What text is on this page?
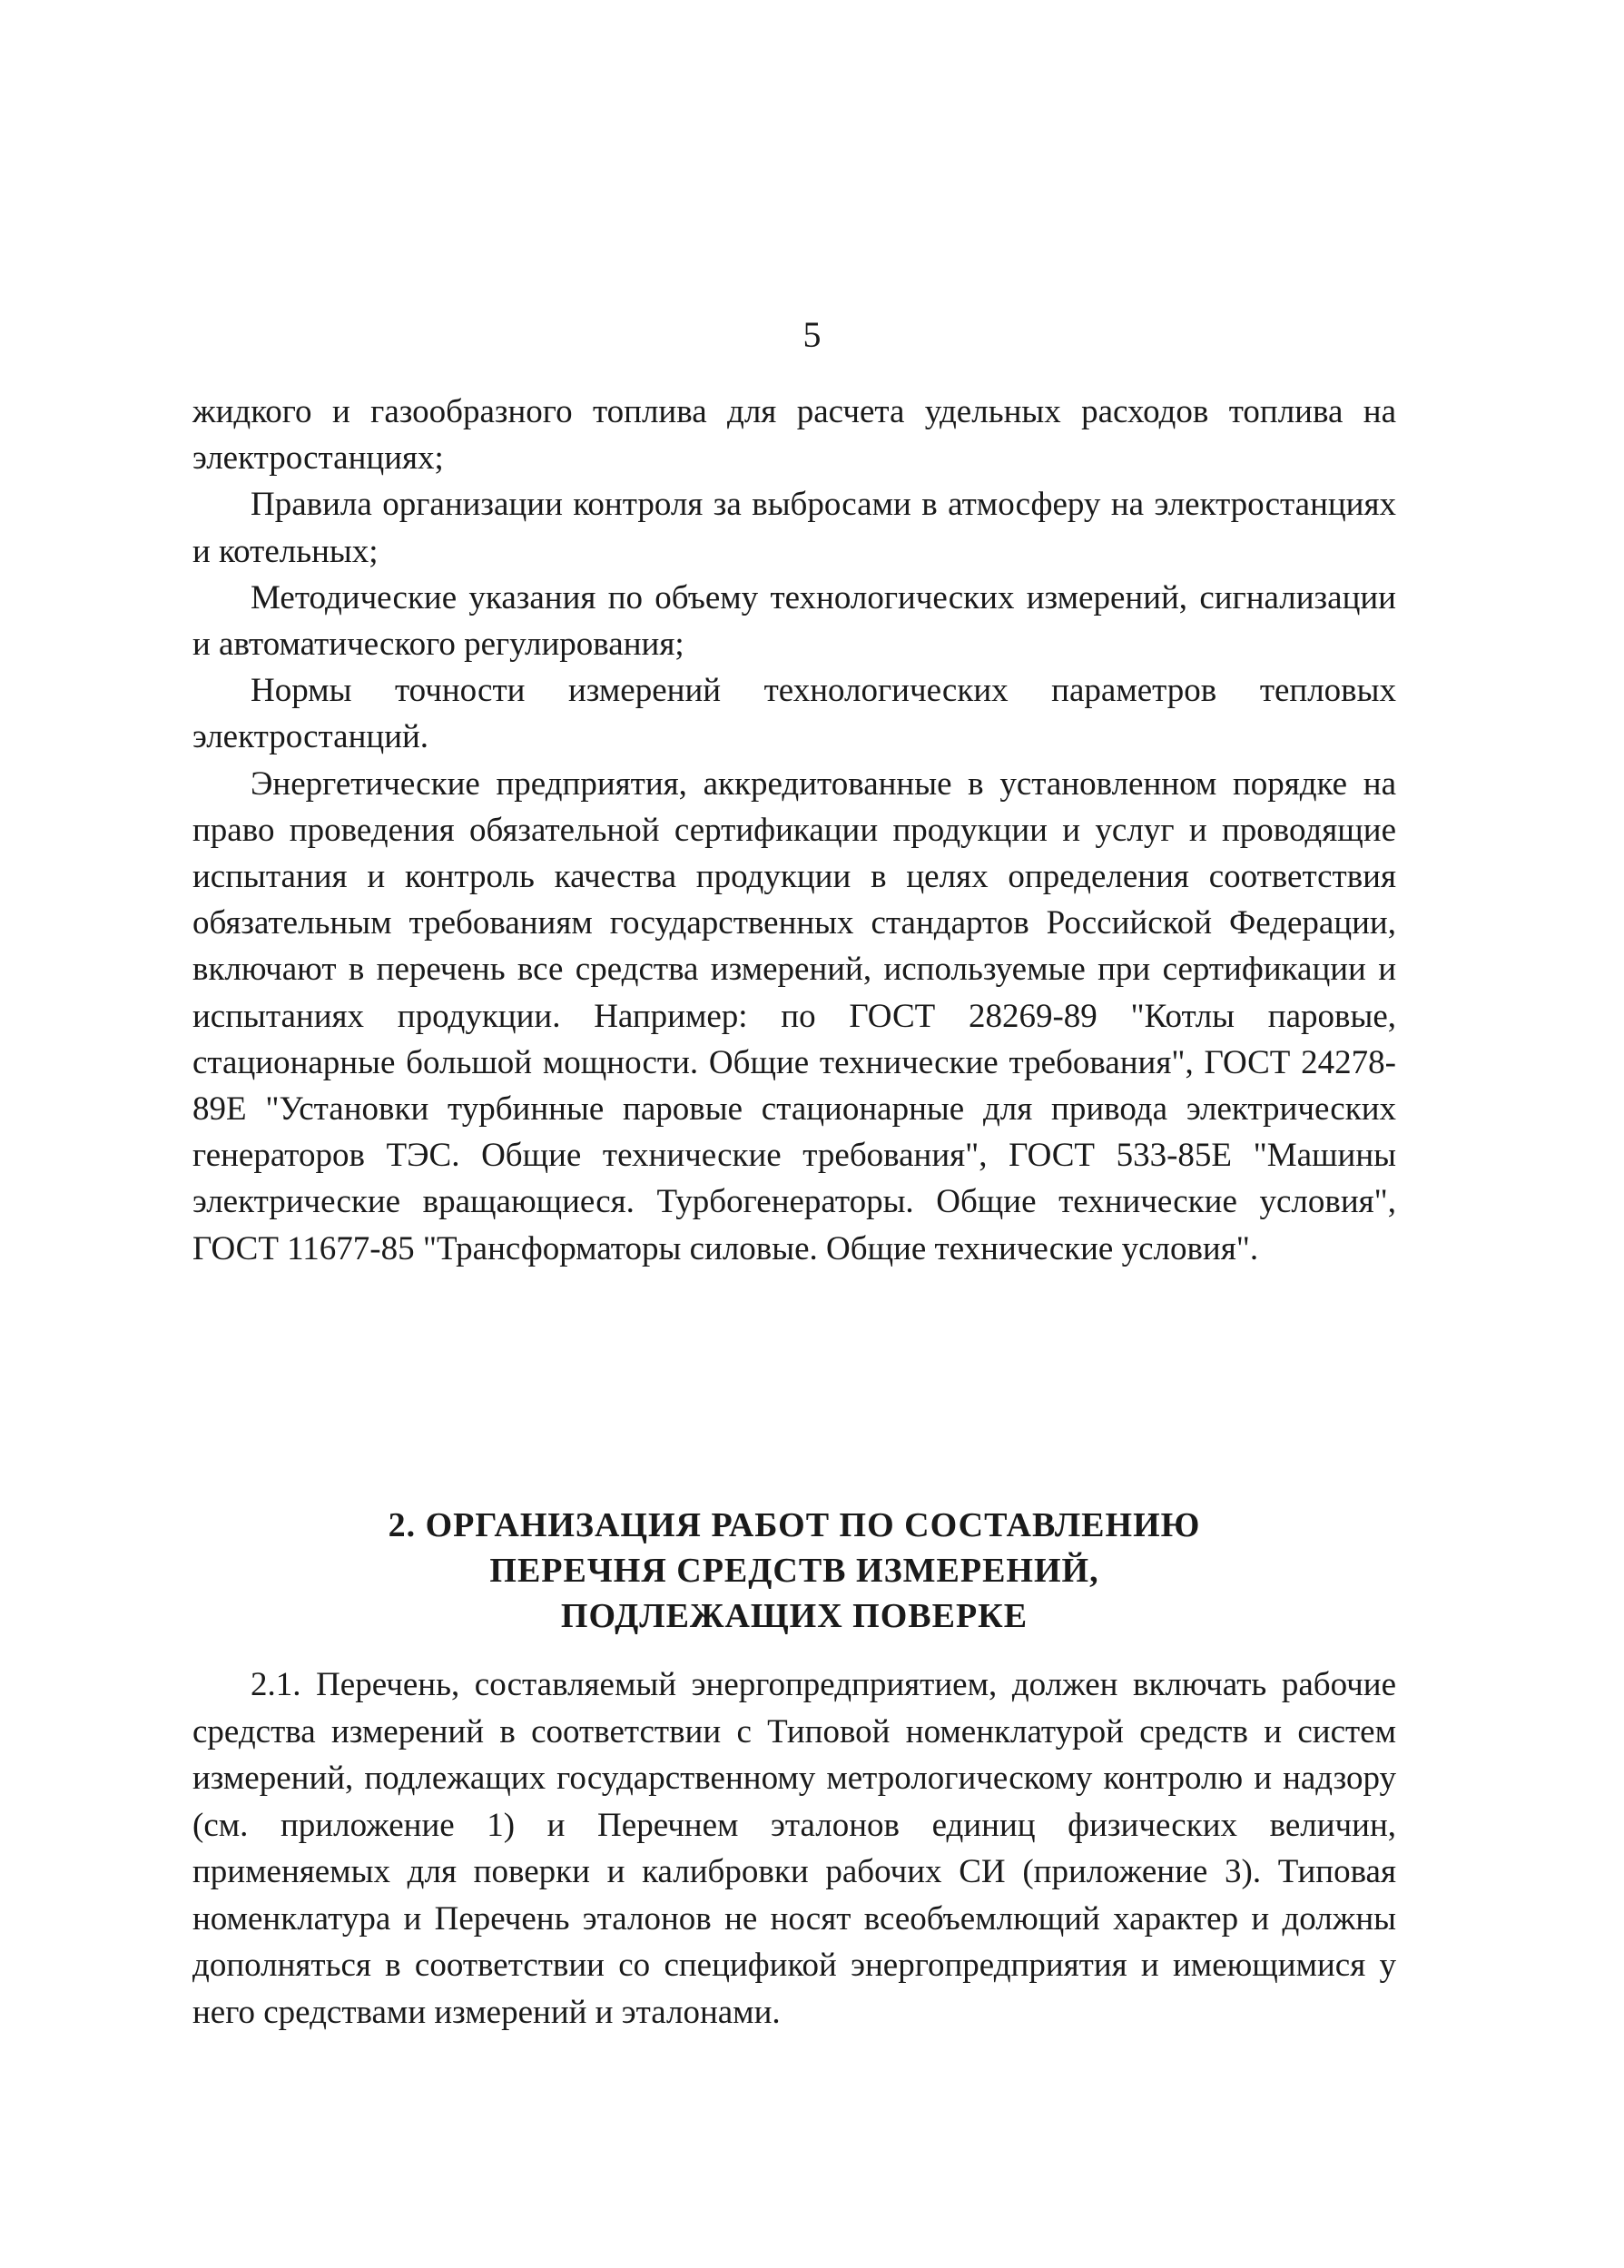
5

жидкого и газообразного топлива для расчета удельных расходов топлива на электростанциях;

Правила организации контроля за выбросами в атмосферу на электростанциях и котельных;

Методические указания по объему технологических измерений, сигнализации и автоматического регулирования;

Нормы точности измерений технологических параметров тепловых электростанций.

Энергетические предприятия, аккредитованные в установленном порядке на право проведения обязательной сертификации продукции и услуг и проводящие испытания и контроль качества продукции в целях определения соответствия обязательным требованиям государственных стандартов Российской Федерации, включают в перечень все средства измерений, используемые при сертификации и испытаниях продукции. Например: по ГОСТ 28269-89 "Котлы паровые, стационарные большой мощности. Общие технические требования", ГОСТ 24278-89Е "Установки турбинные паровые стационарные для привода электрических генераторов ТЭС. Общие технические требования", ГОСТ 533-85Е "Машины электрические вращающиеся. Турбогенераторы. Общие технические условия", ГОСТ 11677-85 "Трансформаторы силовые. Общие технические условия".

2. ОРГАНИЗАЦИЯ РАБОТ ПО СОСТАВЛЕНИЮ
ПЕРЕЧНЯ СРЕДСТВ ИЗМЕРЕНИЙ,
ПОДЛЕЖАЩИХ ПОВЕРКЕ

2.1. Перечень, составляемый энергопредприятием, должен включать рабочие средства измерений в соответствии с Типовой номенклатурой средств и систем измерений, подлежащих государственному метрологическому контролю и надзору (см. приложение 1) и Перечнем эталонов единиц физических величин, применяемых для поверки и калибровки рабочих СИ (приложение 3). Типовая номенклатура и Перечень эталонов не носят всеобъемлющий характер и должны дополняться в соответствии со спецификой энергопредприятия и имеющимися у него средствами измерений и эталонами.
